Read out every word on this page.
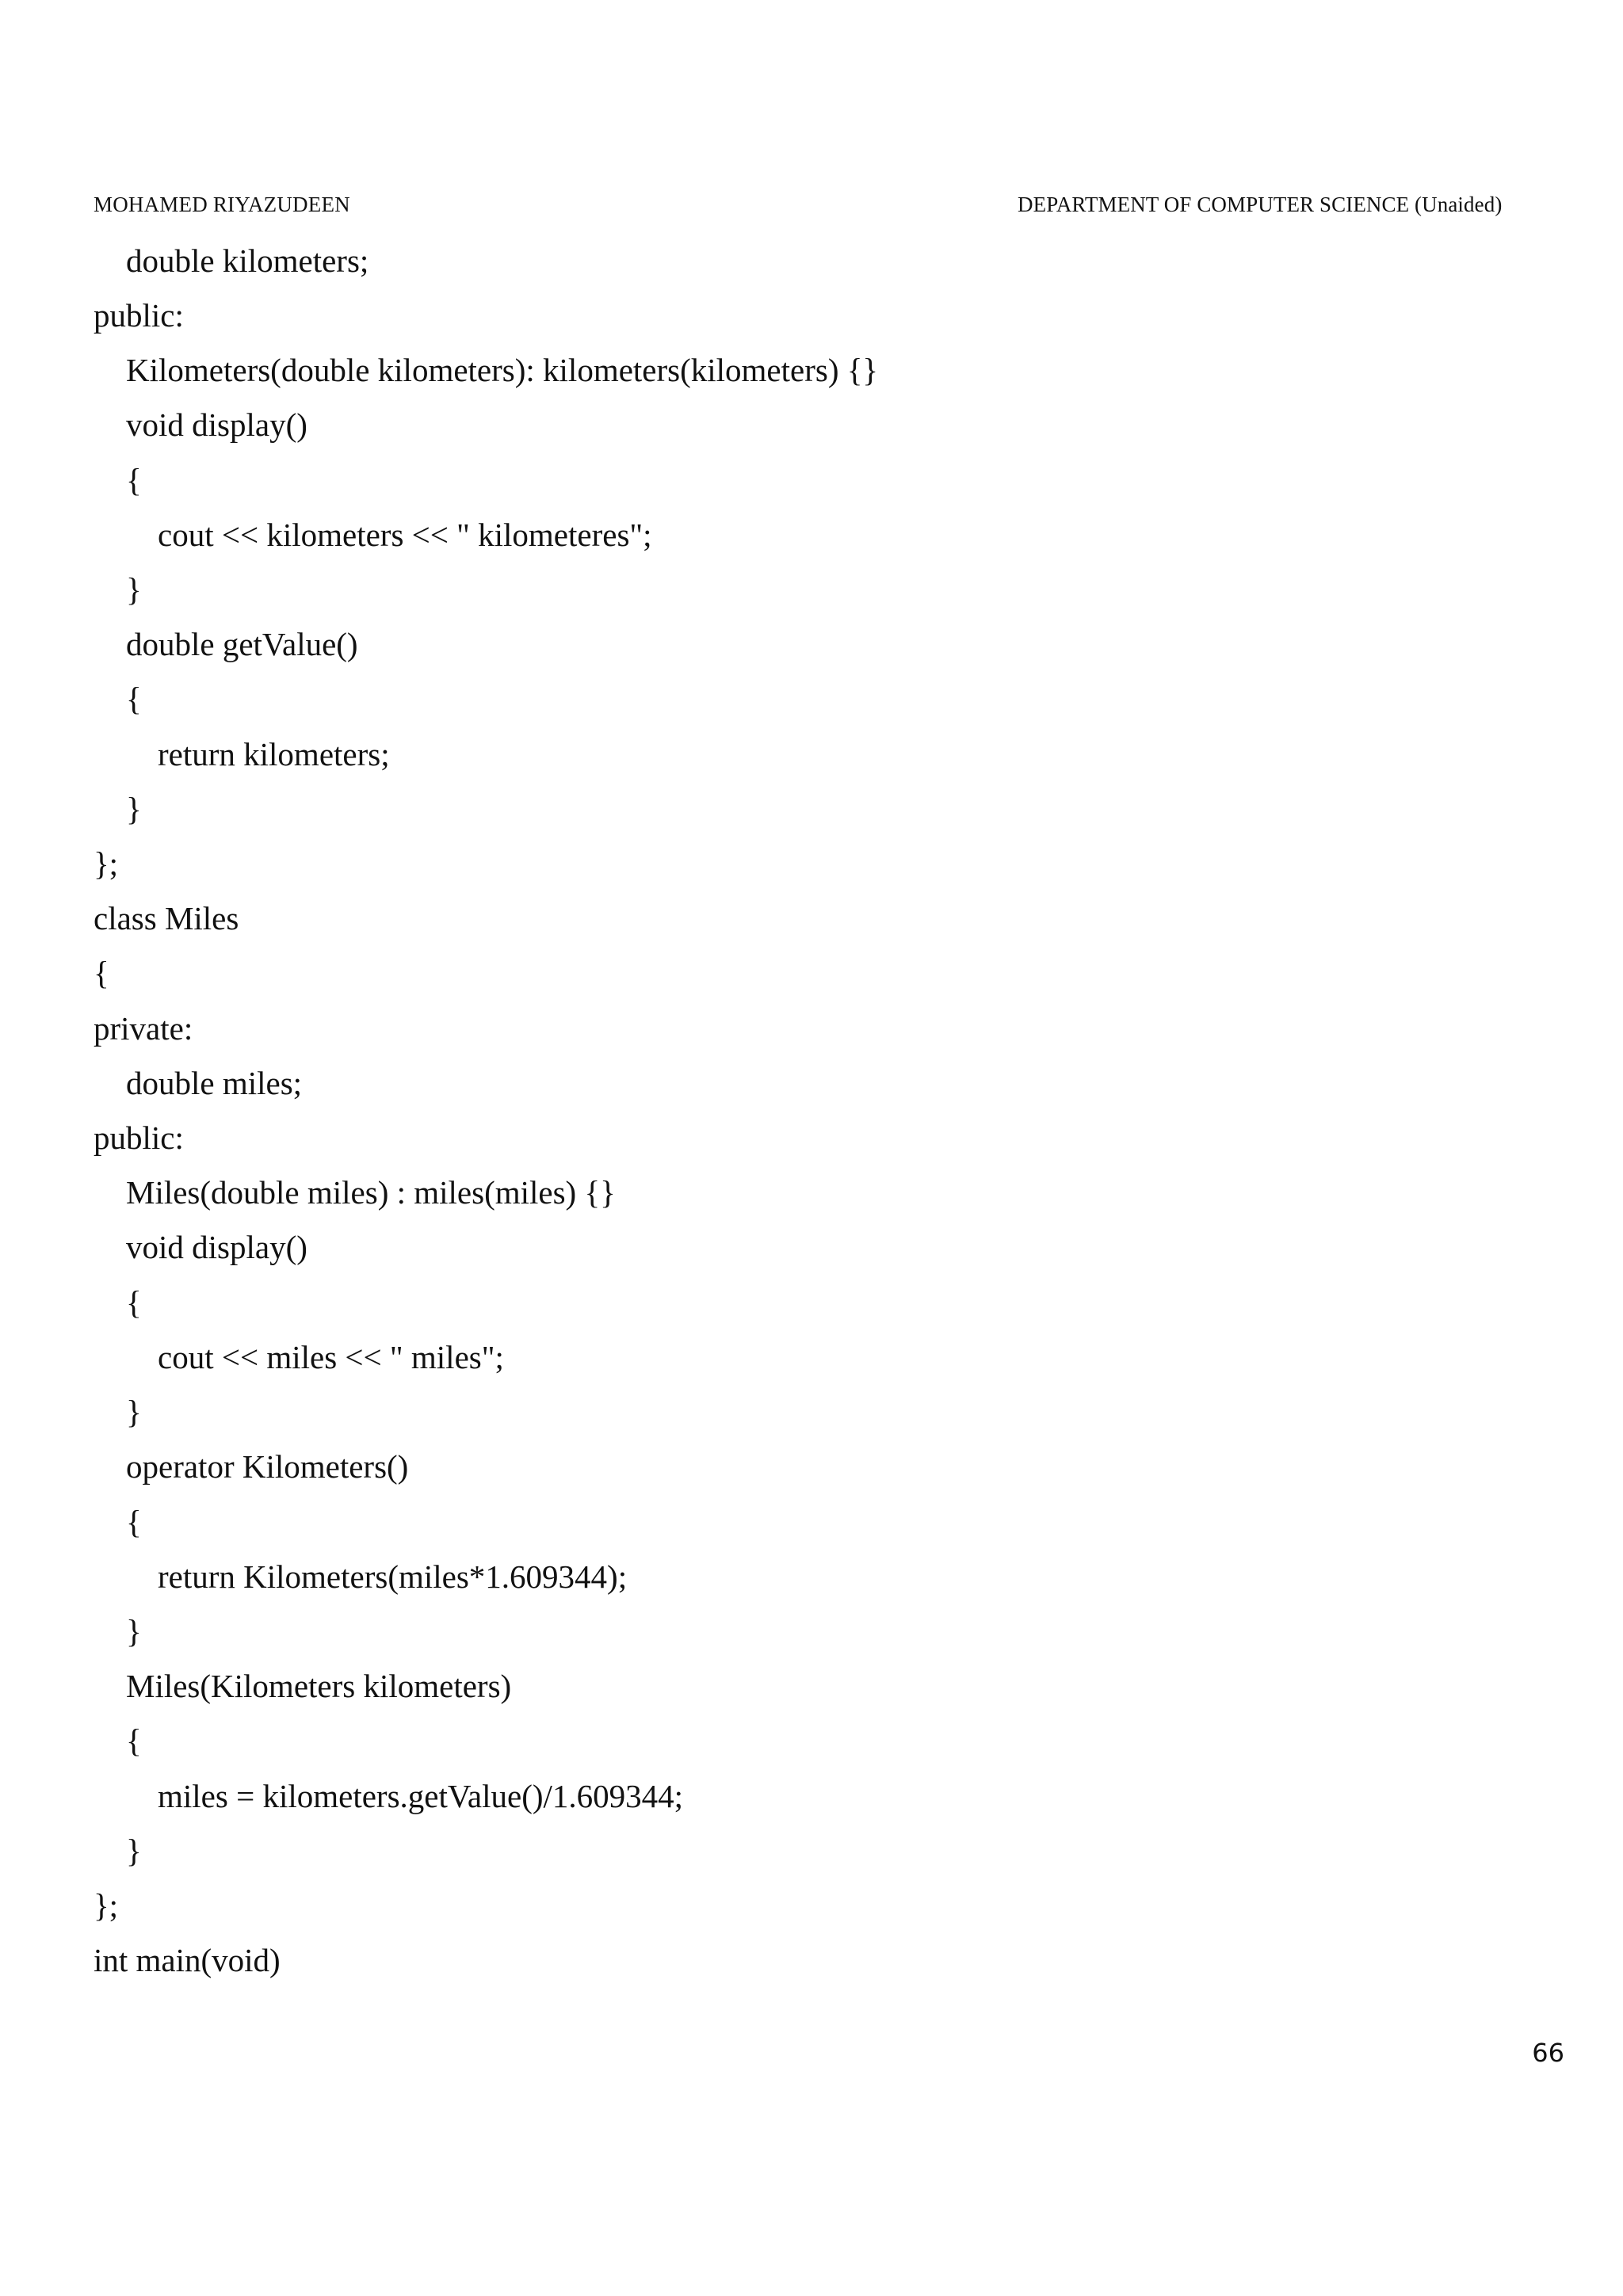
MOHAMED RIYAZUDEEN	DEPARTMENT OF COMPUTER SCIENCE (Unaided)
double kilometers;
public:
Kilometers(double kilometers): kilometers(kilometers) {}
void display()
{
cout << kilometers << " kilometeres";
}
double getValue()
{
return kilometers;
}
};
class Miles
{
private:
double miles;
public:
Miles(double miles) : miles(miles) {}
void display()
{
cout << miles << " miles";
}
operator Kilometers()
{
return Kilometers(miles*1.609344);
}
Miles(Kilometers kilometers)
{
miles = kilometers.getValue()/1.609344;
}
};
int main(void)
66
